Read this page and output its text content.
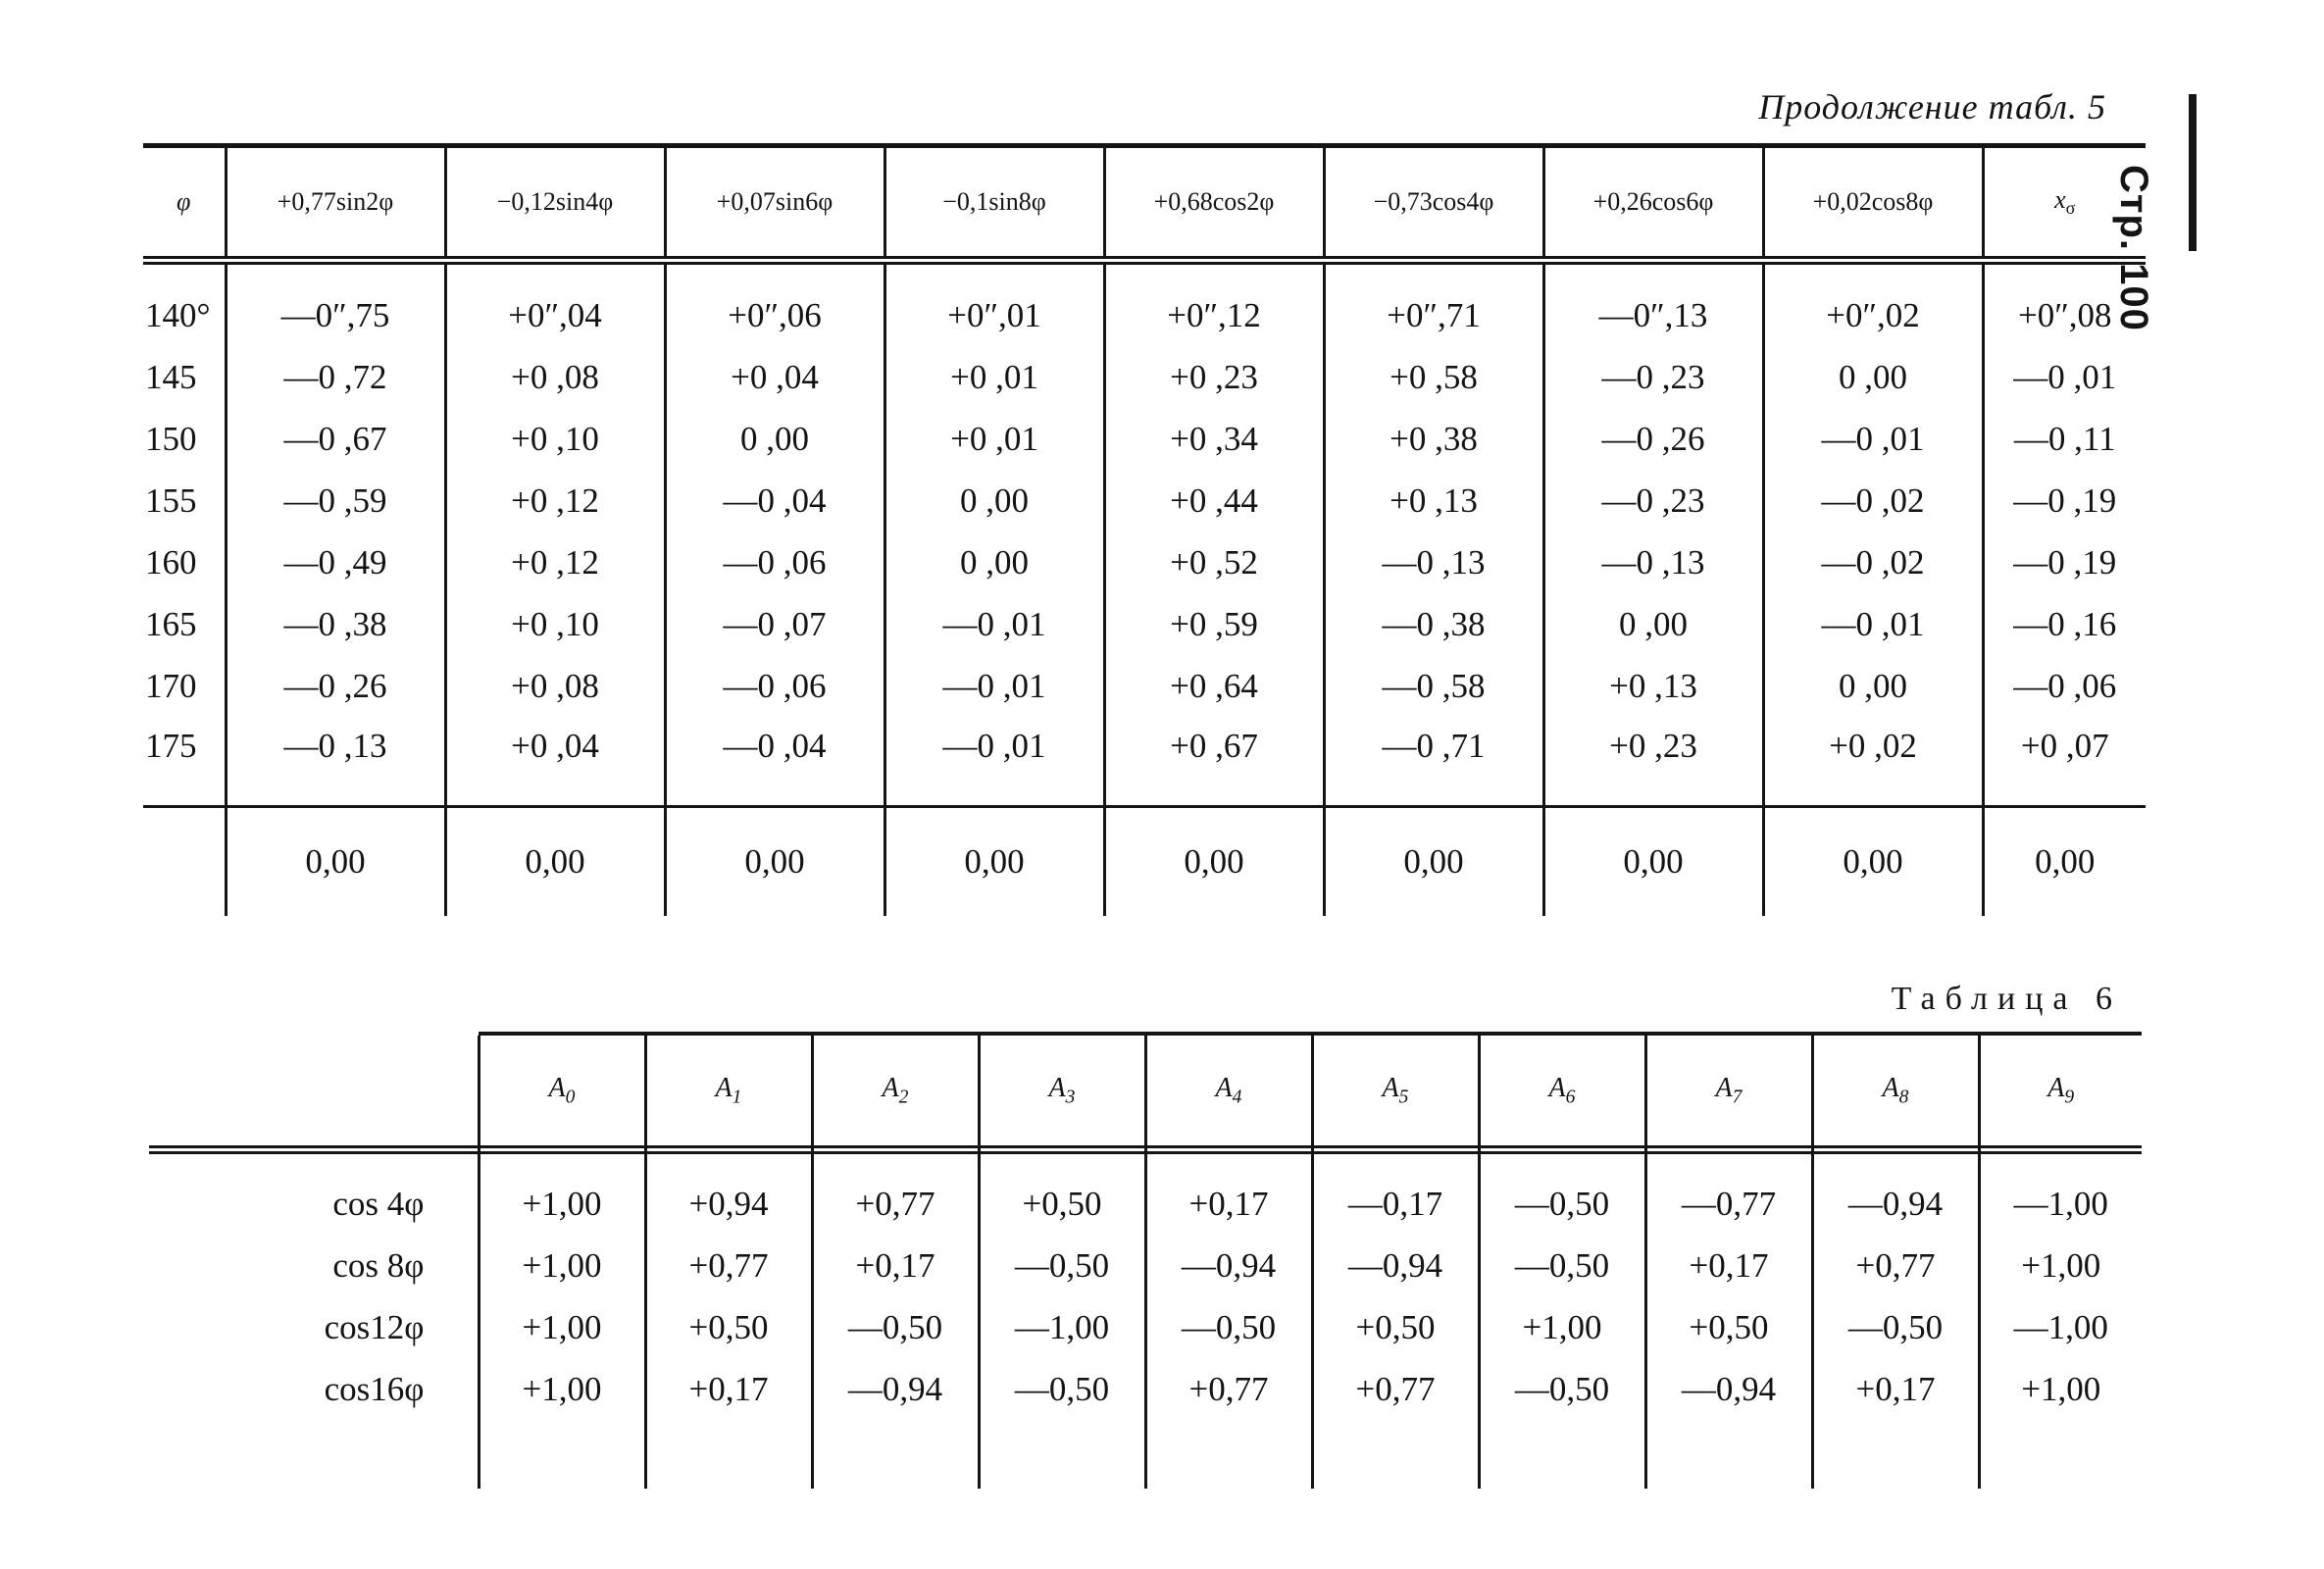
Стр. 100
Продолжение табл. 5
φ	+0,77sin2φ	−0,12sin4φ	+0,07sin6φ	−0,1sin8φ	+0,68cos2φ	−0,73cos4φ	+0,26cos6φ	+0,02cos8φ	$x_\sigma$
140°	—0″,75	+0″,04	+0″,06	+0″,01	+0″,12	+0″,71	—0″,13	+0″,02	+0″,08
145	—0 ,72	+0 ,08	+0 ,04	+0 ,01	+0 ,23	+0 ,58	—0 ,23	0 ,00	—0 ,01
150	—0 ,67	+0 ,10	0 ,00	+0 ,01	+0 ,34	+0 ,38	—0 ,26	—0 ,01	—0 ,11
155	—0 ,59	+0 ,12	—0 ,04	0 ,00	+0 ,44	+0 ,13	—0 ,23	—0 ,02	—0 ,19
160	—0 ,49	+0 ,12	—0 ,06	0 ,00	+0 ,52	—0 ,13	—0 ,13	—0 ,02	—0 ,19
165	—0 ,38	+0 ,10	—0 ,07	—0 ,01	+0 ,59	—0 ,38	0 ,00	—0 ,01	—0 ,16
170	—0 ,26	+0 ,08	—0 ,06	—0 ,01	+0 ,64	—0 ,58	+0 ,13	0 ,00	—0 ,06
175	—0 ,13	+0 ,04	—0 ,04	—0 ,01	+0 ,67	—0 ,71	+0 ,23	+0 ,02	+0 ,07
	0,00	0,00	0,00	0,00	0,00	0,00	0,00	0,00	0,00
Таблица 6
	$A_0$	$A_1$	$A_2$	$A_3$	$A_4$	$A_5$	$A_6$	$A_7$	$A_8$	$A_9$
cos 4φ	+1,00	+0,94	+0,77	+0,50	+0,17	—0,17	—0,50	—0,77	—0,94	—1,00
cos 8φ	+1,00	+0,77	+0,17	—0,50	—0,94	—0,94	—0,50	+0,17	+0,77	+1,00
cos12φ	+1,00	+0,50	—0,50	—1,00	—0,50	+0,50	+1,00	+0,50	—0,50	—1,00
cos16φ	+1,00	+0,17	—0,94	—0,50	+0,77	+0,77	—0,50	—0,94	+0,17	+1,00
